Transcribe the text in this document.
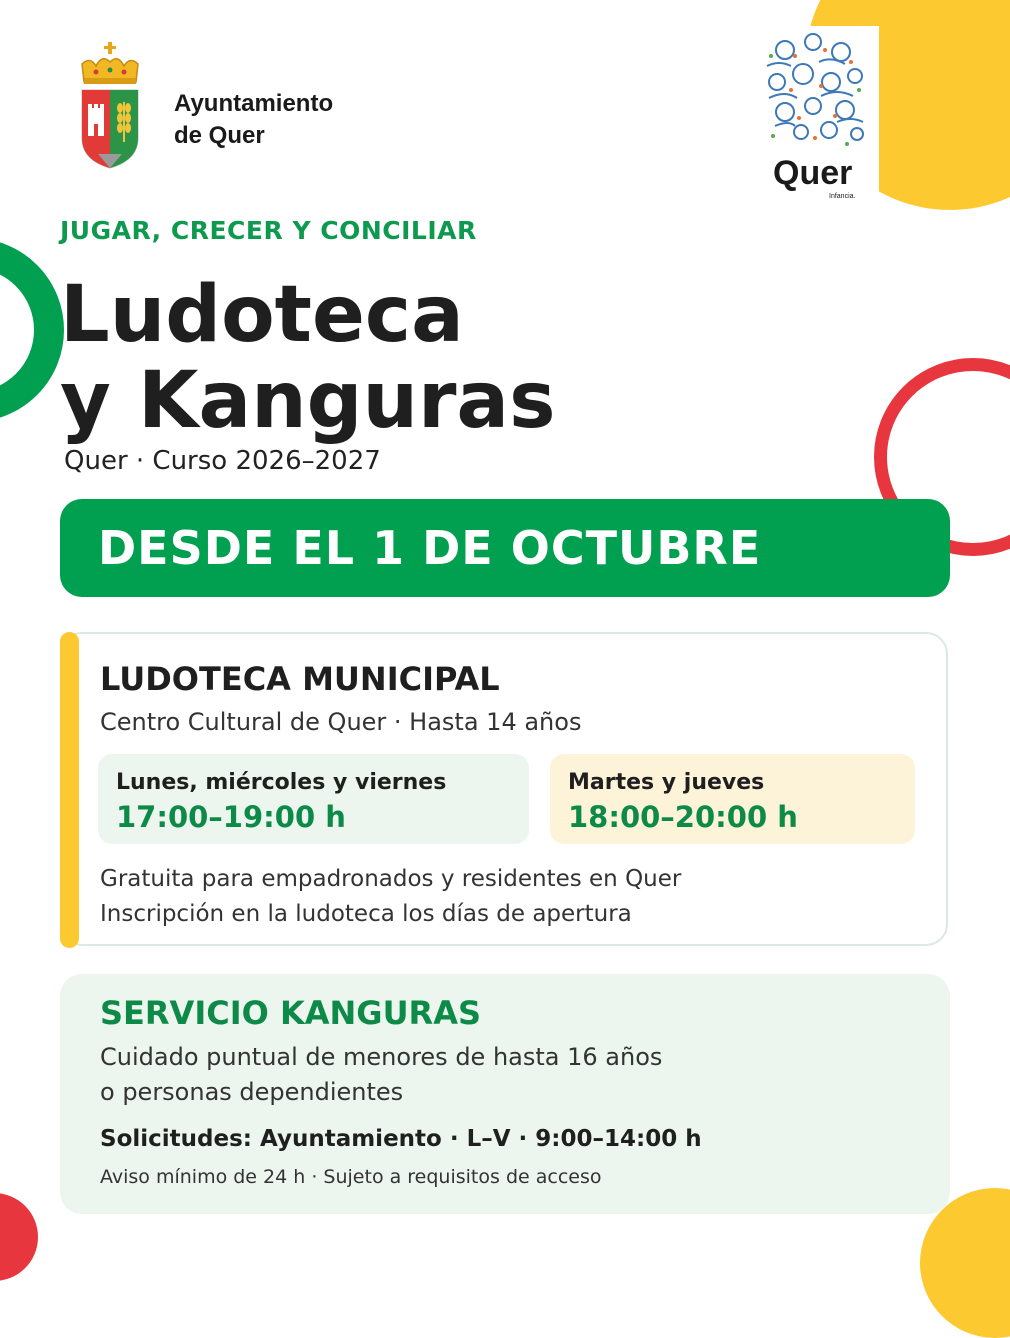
Ayuntamiento
de Quer
Quer
Infancia.
JUGAR, CRECER Y CONCILIAR
Ludoteca
y Kanguras
Quer · Curso 2026–2027
DESDE EL 1 DE OCTUBRE
LUDOTECA MUNICIPAL
Centro Cultural de Quer · Hasta 14 años
Lunes, miércoles y viernes
17:00–19:00 h
Martes y jueves
18:00–20:00 h
Gratuita para empadronados y residentes en Quer
Inscripción en la ludoteca los días de apertura
SERVICIO KANGURAS
Cuidado puntual de menores de hasta 16 años
o personas dependientes
Solicitudes: Ayuntamiento · L–V · 9:00–14:00 h
Aviso mínimo de 24 h · Sujeto a requisitos de acceso
